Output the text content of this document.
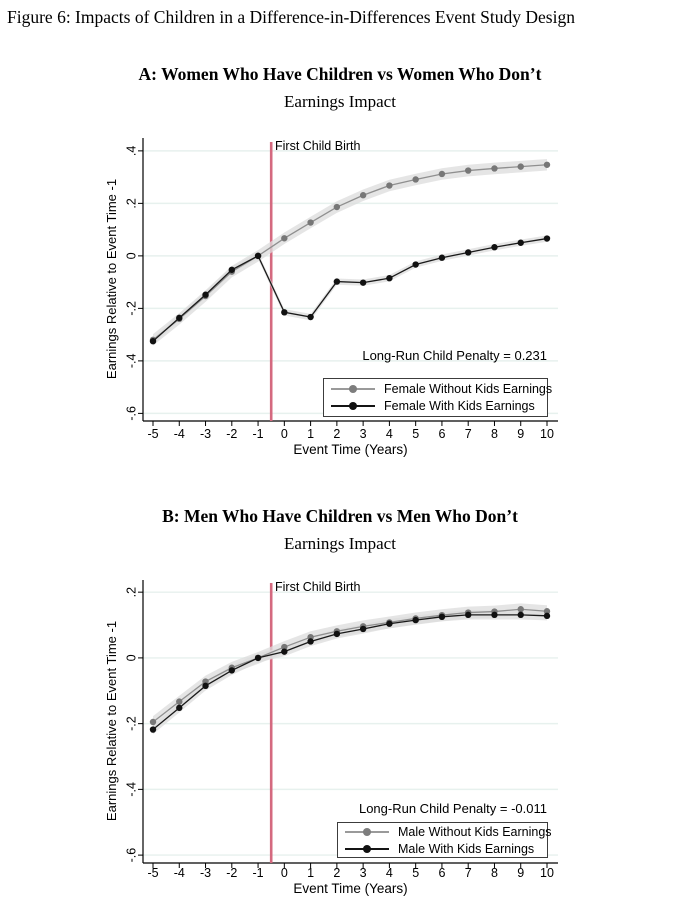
Figure 6: Impacts of Children in a Difference-in-Differences Event Study Design
A: Women Who Have Children vs Women Who Don’t
Earnings Impact
.4
.2
0
-.2
-.4
-.6
-5 -4 -3 -2 -1 0 1 2 3 4 5 6 7 8 9 10
Earnings Relative to Event Time -1
Event Time (Years)
First Child Birth
Long-Run Child Penalty = 0.231
Female Without Kids Earnings
Female With Kids Earnings
B: Men Who Have Children vs Men Who Don’t
Earnings Impact
.2
0
-.2
-.4
-.6
-5 -4 -3 -2 -1 0 1 2 3 4 5 6 7 8 9 10
Earnings Relative to Event Time -1
Event Time (Years)
First Child Birth
Long-Run Child Penalty = -0.011
Male Without Kids Earnings
Male With Kids Earnings
